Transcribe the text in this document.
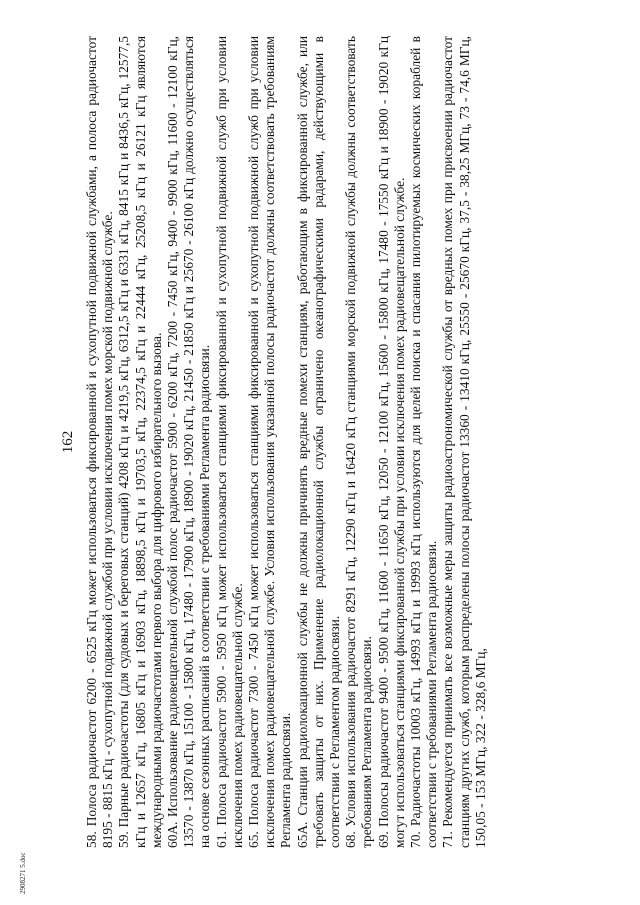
162 58. Полоса радиочастот 6200 - 6525 кГц может использоваться фиксированной и сухопутной подвижной службами, а полоса радиочастот 8195 - 8815 кГц - сухопутной подвижной службой при условии исключения помех морской подвижной службе. 59. Парные радиочастоты (для судовых и береговых станций) 4208 кГц и 4219,5 кГц, 6312,5 кГц и 6331 кГц, 8415 кГц и 8436,5 кГц, 12577,5 кГц и 12657 кГц, 16805 кГц и 16903 кГц, 18898,5 кГц и 19703,5 кГц, 22374,5 кГц и 22444 кГц, 25208,5 кГц и 26121 кГц являются международными радиочастотами первого выбора для цифрового избирательного вызова. 60А. Использование радиовещательной службой полос радиочастот 5900 - 6200 кГц, 7200 - 7450 кГц, 9400 - 9900 кГц, 11600 - 12100 кГц, 13570 - 13870 кГц, 15100 - 15800 кГц, 17480 - 17900 кГц, 18900 - 19020 кГц, 21450 - 21850 кГц и 25670 - 26100 кГц должно осуществляться на основе сезонных расписаний в соответствии с требованиями Регламента радиосвязи. 61. Полоса радиочастот 5900 - 5950 кГц может использоваться станциями фиксированной и сухопутной подвижной служб при условии исключения помех радиовещательной службе. 65. Полоса радиочастот 7300 - 7450 кГц может использоваться станциями фиксированной и сухопутной подвижной служб при условии исключения помех радиовещательной службе. Условия использования указанной полосы радиочастот должны соответствовать требованиям Регламента радиосвязи. 65А. Станции радиолокационной службы не должны причинять вредные помехи станциям, работающим в фиксированной службе, или требовать защиты от них. Применение радиолокационной службы ограничено океанографическими радарами, действующими в соответствии с Регламентом радиосвязи. 68. Условия использования радиочастот 8291 кГц, 12290 кГц и 16420 кГц станциями морской подвижной службы должны соответствовать требованиям Регламента радиосвязи. 69. Полосы радиочастот 9400 - 9500 кГц, 11600 - 11650 кГц, 12050 - 12100 кГц, 15600 - 15800 кГц, 17480 - 17550 кГц и 18900 - 19020 кГц могут использоваться станциями фиксированной службы при условии исключения помех радиовещательной службе. 70. Радиочастоты 10003 кГц, 14993 кГц и 19993 кГц используются для целей поиска и спасания пилотируемых космических кораблей в соответствии с требованиями Регламента радиосвязи. 71. Рекомендуется принимать все возможные меры защиты радиоастрономической службы от вредных помех при присвоении радиочастот станциям других служб, которым распределены полосы радиочастот 13360 - 13410 кГц, 25550 - 25670 кГц, 37,5 - 38,25 МГц, 73 - 74,6 МГц, 150,05 - 153 МГц, 322 - 328,6 МГц,

2908271 5.doc
